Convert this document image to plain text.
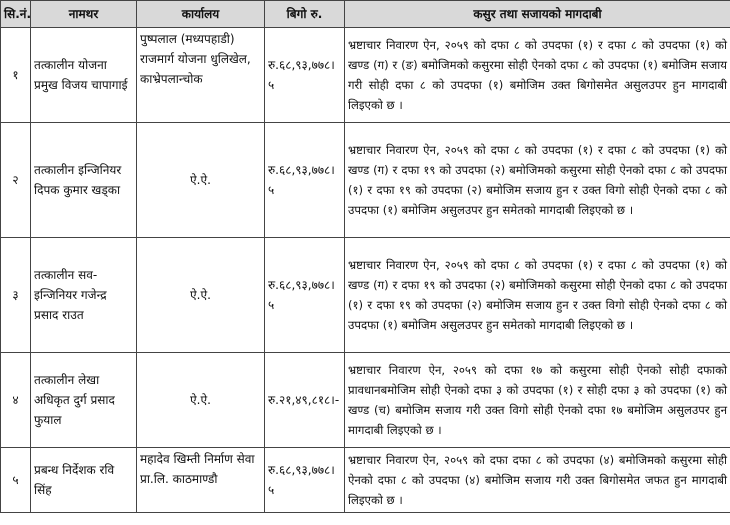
सि.नं.	नामथर	कार्यालय	बिगो रु.	कसुर तथा सजायको मागदाबी
१	तत्कालीन योजना प्रमुख विजय चापागाई	पुष्पलाल (मध्यपहाडी) राजमार्ग योजना धुलिखेल, काभ्रेपलान्चोक	रु.६८,९३,७७८। ५	भ्रष्टाचार निवारण ऐन, २०५९ को दफा ८ को उपदफा (१) र दफा ८ को उपदफा (१) को खण्ड (ग) र (ङ) बमोजिमको कसुरमा सोही ऐनको दफा ८ को उपदफा (१) बमोजिम सजाय गरी सोही दफा ८ को उपदफा (१) बमोजिम उक्त बिगोसमेत असुलउपर हुन मागदाबी लिइएको छ ।
२	तत्कालीन इन्जिनियर दिपक कुमार खड्का	ऐ.ऐ.	रु.६८,९३,७७८। ५	भ्रष्टाचार निवारण ऐन, २०५९ को दफा ८ को उपदफा (१) र दफा ८ को उपदफा (१) को खण्ड (ग) र दफा १९ को उपदफा (२) बमोजिमको कसुरमा सोही ऐनको दफा ८ को उपदफा (१) र दफा १९ को उपदफा (२) बमोजिम सजाय हुन र उक्त विगो सोही ऐनको दफा ८ को उपदफा (१) बमोजिम असुलउपर हुन समेतको मागदाबी लिइएको छ ।
३	तत्कालीन सव-इन्जिनियर गजेन्द्र प्रसाद राउत	ऐ.ऐ.	रु.६८,९३,७७८। ५	भ्रष्टाचार निवारण ऐन, २०५९ को दफा ८ को उपदफा (१) र दफा ८ को उपदफा (१) को खण्ड (ग) र दफा १९ को उपदफा (२) बमोजिमको कसुरमा सोही ऐनको दफा ८ को उपदफा (१) र दफा १९ को उपदफा (२) बमोजिम सजाय हुन र उक्त विगो सोही ऐनको दफा ८ को उपदफा (१) बमोजिम असुलउपर हुन समेतको मागदाबी लिइएको छ ।
४	तत्कालीन लेखा अधिकृत दुर्ग प्रसाद फुयाल	ऐ.ऐ.	रु.२१,४९,८१८।-	भ्रष्टाचार निवारण ऐन, २०५९ को दफा १७ को कसुरमा सोही ऐनको सोही दफाको प्रावधानबमोजिम सोही ऐनको दफा ३ को उपदफा (१) र सोही दफा ३ को उपदफा (१) को खण्ड (च) बमोजिम सजाय गरी उक्त विगो सोही ऐनको दफा १७ बमोजिम असुलउपर हुन मागदाबी लिइएको छ ।
५	प्रबन्ध निर्देशक रवि सिंह	महादेव खिम्ती निर्माण सेवा प्रा.लि. काठमाण्डौ	रु.६८,९३,७७८। ५	भ्रष्टाचार निवारण ऐन, २०५९ को दफा दफा ८ को उपदफा (४) बमोजिमको कसुरमा सोही ऐनको दफा ८ को उपदफा (४) बमोजिम सजाय गरी उक्त बिगोसमेत जफत हुन मागदाबी लिइएको छ ।
